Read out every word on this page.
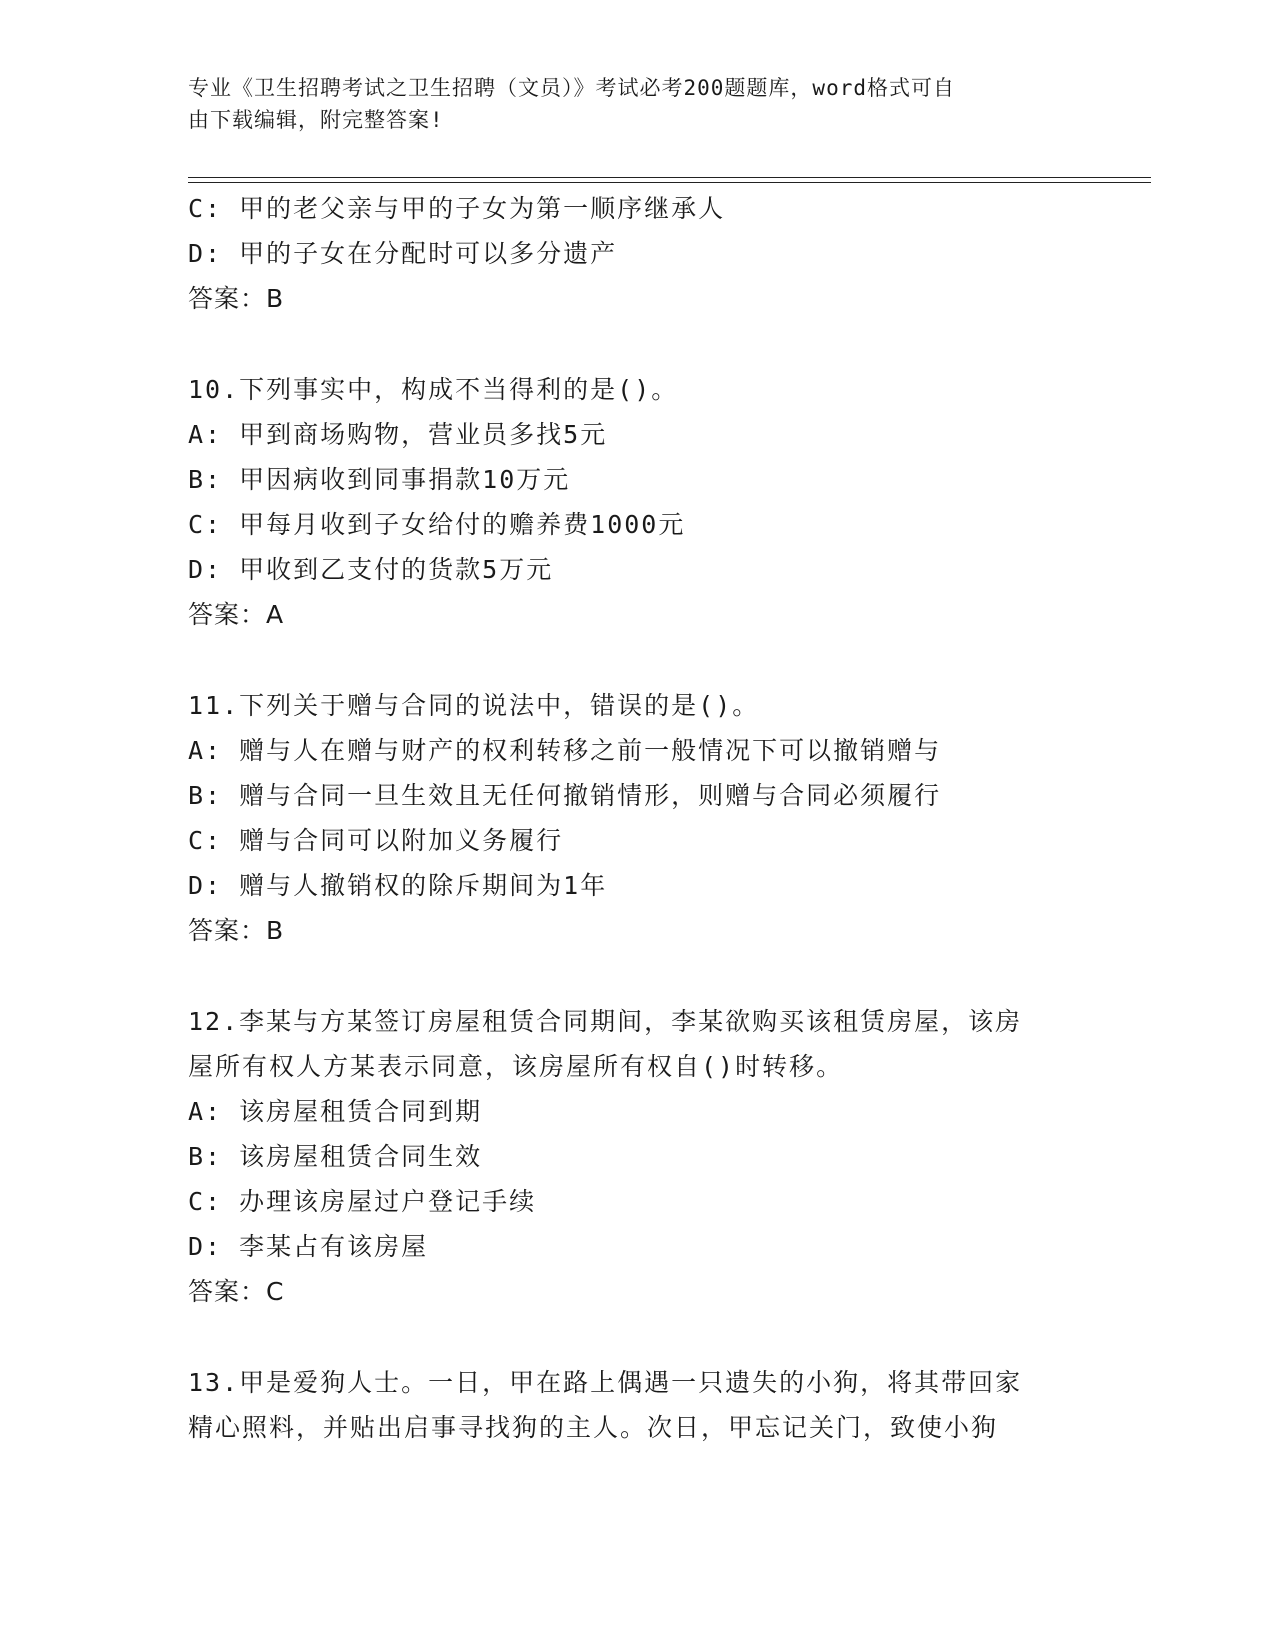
专业《卫生招聘考试之卫生招聘（文员）》考试必考200题题库，word格式可自
由下载编辑，附完整答案!
C: 甲的老父亲与甲的子女为第一顺序继承人
D: 甲的子女在分配时可以多分遗产
答案：B
10.下列事实中，构成不当得利的是()。
A: 甲到商场购物，营业员多找5元
B: 甲因病收到同事捐款10万元
C: 甲每月收到子女给付的赡养费1000元
D: 甲收到乙支付的货款5万元
答案：A
11.下列关于赠与合同的说法中，错误的是()。
A: 赠与人在赠与财产的权利转移之前一般情况下可以撤销赠与
B: 赠与合同一旦生效且无任何撤销情形，则赠与合同必须履行
C: 赠与合同可以附加义务履行
D: 赠与人撤销权的除斥期间为1年
答案：B
12.李某与方某签订房屋租赁合同期间，李某欲购买该租赁房屋，该房
屋所有权人方某表示同意，该房屋所有权自()时转移。
A: 该房屋租赁合同到期
B: 该房屋租赁合同生效
C: 办理该房屋过户登记手续
D: 李某占有该房屋
答案：C
13.甲是爱狗人士。一日，甲在路上偶遇一只遗失的小狗，将其带回家
精心照料，并贴出启事寻找狗的主人。次日，甲忘记关门，致使小狗
